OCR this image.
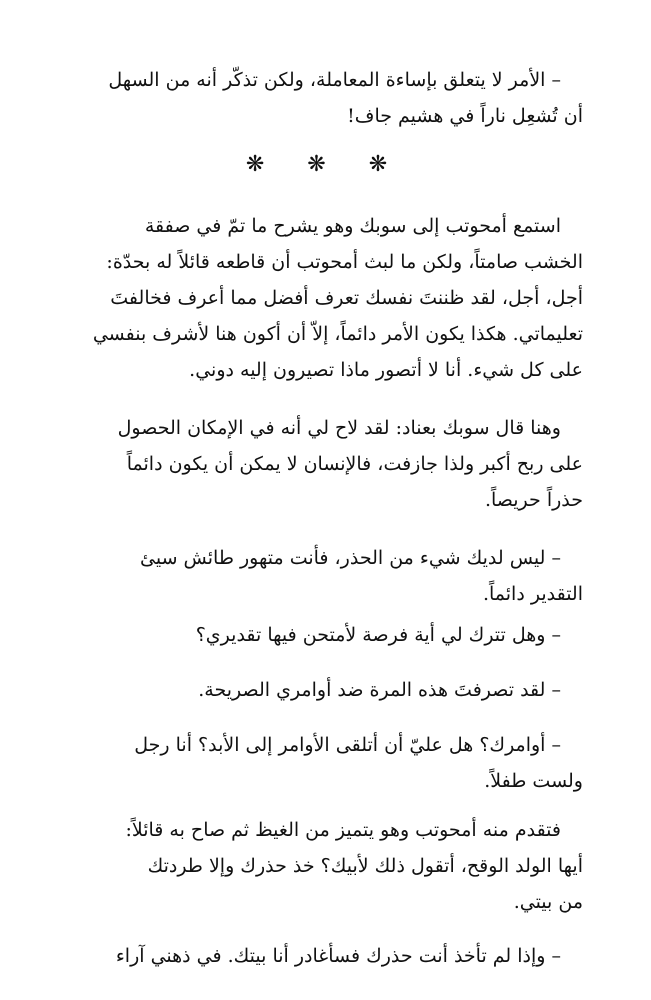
– الأمر لا يتعلق بإساءة المعاملة، ولكن تذكّر أنه من السهل
أن تُشعِل ناراً في هشيم جاف!

❋ ❋ ❋

استمع أمحوتب إلى سوبك وهو يشرح ما تمّ في صفقة
الخشب صامتاً، ولكن ما لبث أمحوتب أن قاطعه قائلاً له بحدّة:
أجل، أجل، لقد ظننتَ نفسك تعرف أفضل مما أعرف فخالفتَ
تعليماتي. هكذا يكون الأمر دائماً، إلاّ أن أكون هنا لأشرف بنفسي
على كل شيء. أنا لا أتصور ماذا تصيرون إليه دوني.

وهنا قال سوبك بعناد: لقد لاح لي أنه في الإمكان الحصول
على ربح أكبر ولذا جازفت، فالإنسان لا يمكن أن يكون دائماً
حذراً حريصاً.

– ليس لديك شيء من الحذر، فأنت متهور طائش سيئ
التقدير دائماً.

– وهل تترك لي أية فرصة لأمتحن فيها تقديري؟

– لقد تصرفتَ هذه المرة ضد أوامري الصريحة.

– أوامرك؟ هل عليّ أن أتلقى الأوامر إلى الأبد؟ أنا رجل
ولست طفلاً.

فتقدم منه أمحوتب وهو يتميز من الغيظ ثم صاح به قائلاً:
أيها الولد الوقح، أتقول ذلك لأبيك؟ خذ حذرك وإلا طردتك
من بيتي.

– وإذا لم تأخذ أنت حذرك فسأغادر أنا بيتك. في ذهني آراء
